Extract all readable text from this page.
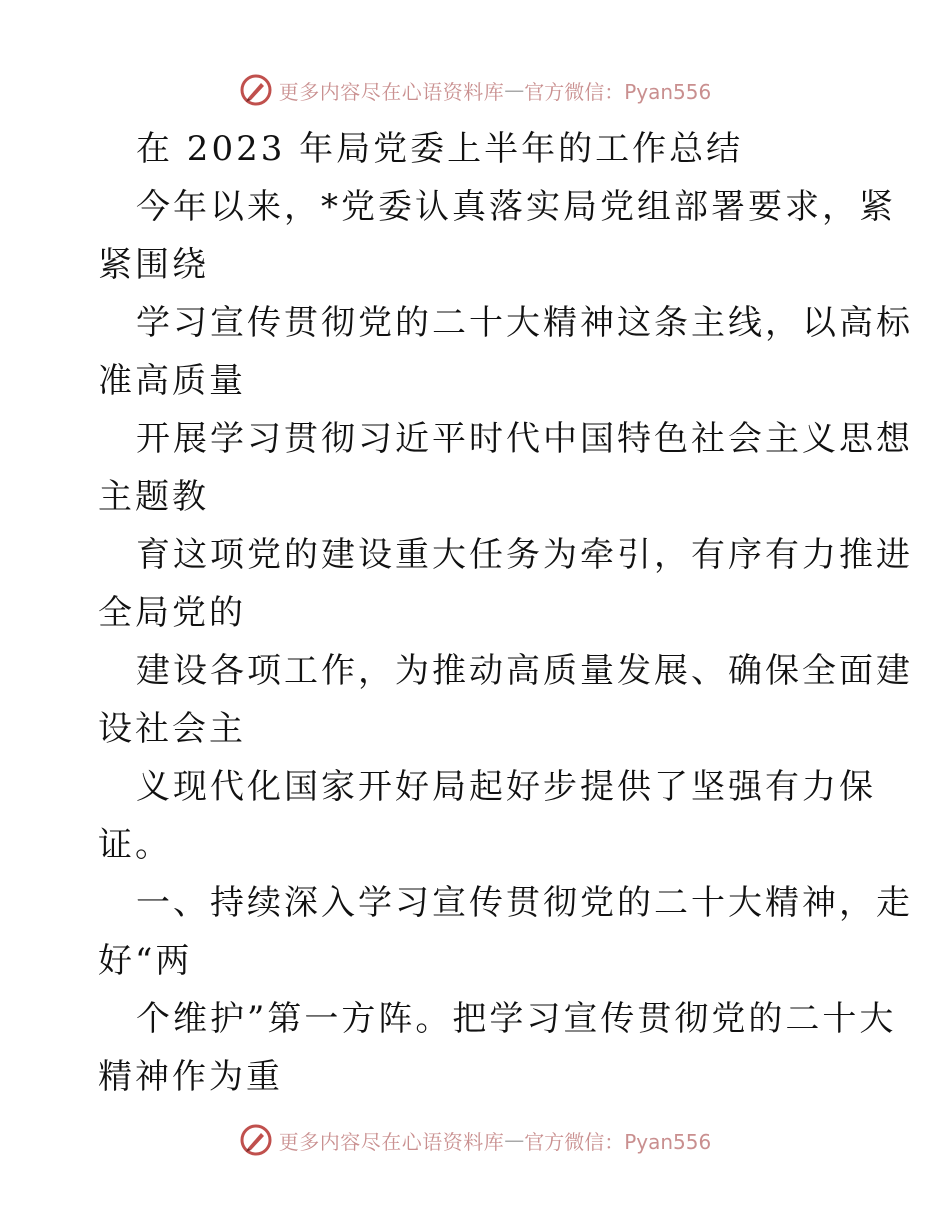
更多内容尽在心语资料库 — 官方微信：Pyan556
在 2023 年局党委上半年的工作总结
今年以来，*党委认真落实局党组部署要求，紧
紧围绕
学习宣传贯彻党的二十大精神这条主线，以高标
准高质量
开展学习贯彻习近平时代中国特色社会主义思想
主题教
育这项党的建设重大任务为牵引，有序有力推进
全局党的
建设各项工作，为推动高质量发展、确保全面建
设社会主
义现代化国家开好局起好步提供了坚强有力保
证。
一、持续深入学习宣传贯彻党的二十大精神，走
好“两
个维护”第一方阵。把学习宣传贯彻党的二十大
精神作为重
更多内容尽在心语资料库 — 官方微信：Pyan556
